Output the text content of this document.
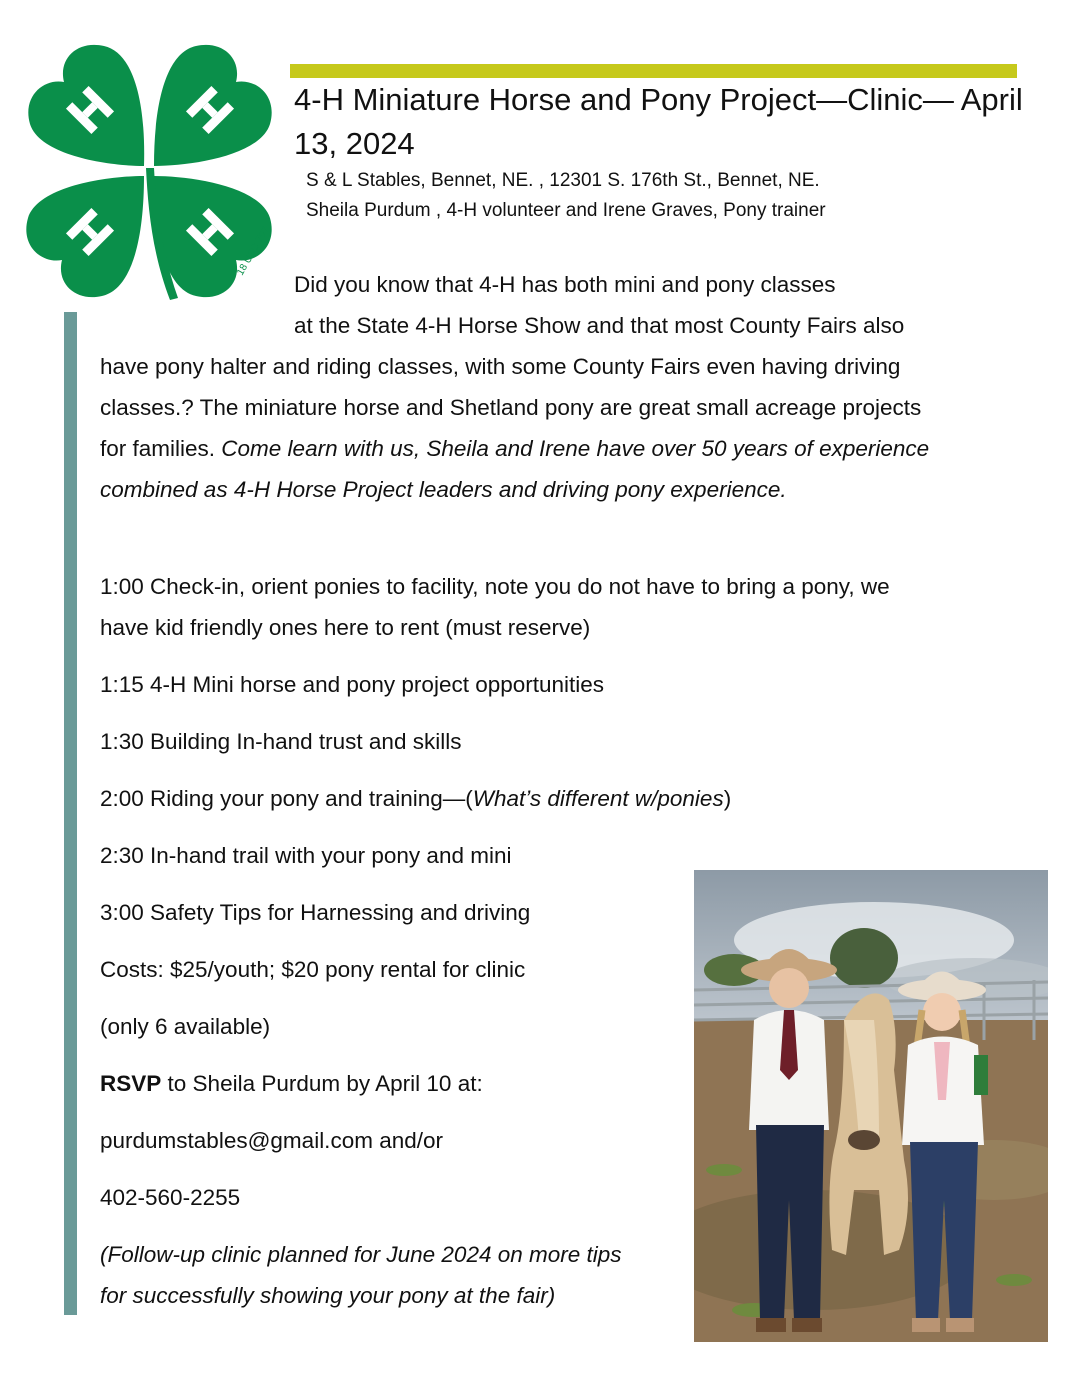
18 USC 707
4-H Miniature Horse and Pony Project—Clinic— April 13, 2024
S & L Stables, Bennet, NE. , 12301 S. 176th St., Bennet, NE.
Sheila Purdum , 4-H volunteer and Irene Graves, Pony trainer

Did you know that 4-H has both mini and pony classes
at the State 4-H Horse Show and that most County Fairs also have pony halter and riding classes, with some County Fairs even having driving classes.? The miniature horse and Shetland pony are great small acreage projects for families. Come learn with us, Sheila and Irene have over 50 years of experience combined as 4-H Horse Project leaders and driving pony experience.

1:00 Check-in, orient ponies to facility, note you do not have to bring a pony, we have kid friendly ones here to rent (must reserve)
1:15 4-H Mini horse and pony project opportunities
1:30 Building In-hand trust and skills
2:00 Riding your pony and training—(What’s different w/ponies)
2:30 In-hand trail with your pony and mini
3:00 Safety Tips for Harnessing and driving
Costs: $25/youth; $20 pony rental for clinic
(only 6 available)
RSVP to Sheila Purdum by April 10 at:
purdumstables@gmail.com and/or
402-560-2255
(Follow-up clinic planned for June 2024 on more tips
for successfully showing your pony at the fair)
